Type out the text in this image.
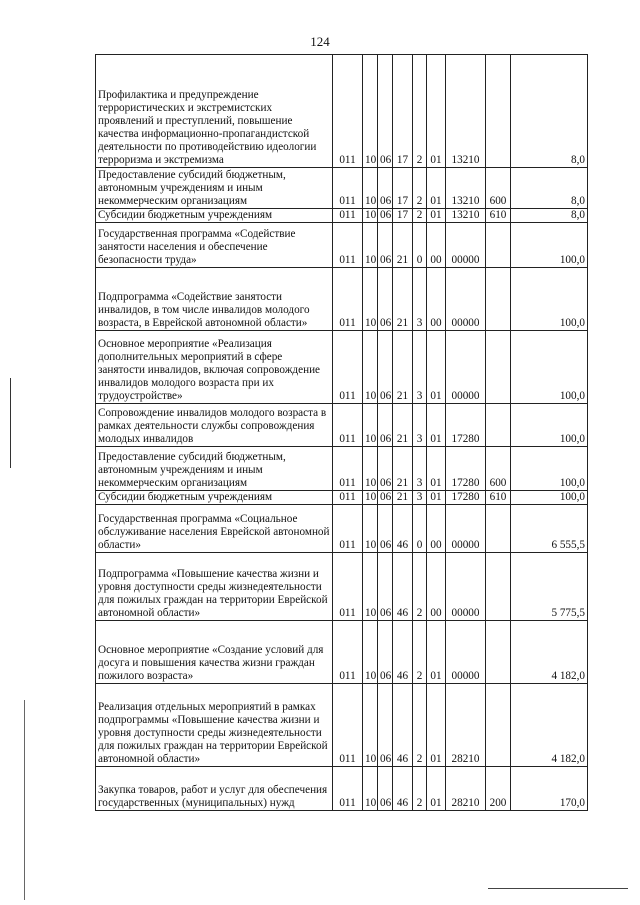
124
Профилактика и предупреждение террористических и экстремистских проявлений и преступлений, повышение качества информационно-пропагандистской деятельности по противодействию идеологии терроризма и экстремизма	011	10	06	17	2	01	13210		8,0
Предоставление субсидий бюджетным, автономным учреждениям и иным некоммерческим организациям	011	10	06	17	2	01	13210	600	8,0
Субсидии бюджетным учреждениям	011	10	06	17	2	01	13210	610	8,0
Государственная программа «Содействие занятости населения и обеспечение безопасности труда»	011	10	06	21	0	00	00000		100,0
Подпрограмма «Содействие занятости инвалидов, в том числе инвалидов молодого возраста, в Еврейской автономной области»	011	10	06	21	3	00	00000		100,0
Основное мероприятие «Реализация дополнительных мероприятий в сфере занятости инвалидов, включая сопровождение инвалидов молодого возраста при их трудоустройстве»	011	10	06	21	3	01	00000		100,0
Сопровождение инвалидов молодого возраста в рамках деятельности службы сопровождения молодых инвалидов	011	10	06	21	3	01	17280		100,0
Предоставление субсидий бюджетным, автономным учреждениям и иным некоммерческим организациям	011	10	06	21	3	01	17280	600	100,0
Субсидии бюджетным учреждениям	011	10	06	21	3	01	17280	610	100,0
Государственная программа «Социальное обслуживание населения Еврейской автономной области»	011	10	06	46	0	00	00000		6 555,5
Подпрограмма «Повышение качества жизни и уровня доступности среды жизнедеятельности для пожилых граждан на территории Еврейской автономной области»	011	10	06	46	2	00	00000		5 775,5
Основное мероприятие «Создание условий для досуга и повышения качества жизни граждан пожилого возраста»	011	10	06	46	2	01	00000		4 182,0
Реализация отдельных мероприятий в рамках подпрограммы «Повышение качества жизни и уровня доступности среды жизнедеятельности для пожилых граждан на территории Еврейской автономной области»	011	10	06	46	2	01	28210		4 182,0
Закупка товаров, работ и услуг для обеспечения государственных (муниципальных) нужд	011	10	06	46	2	01	28210	200	170,0
